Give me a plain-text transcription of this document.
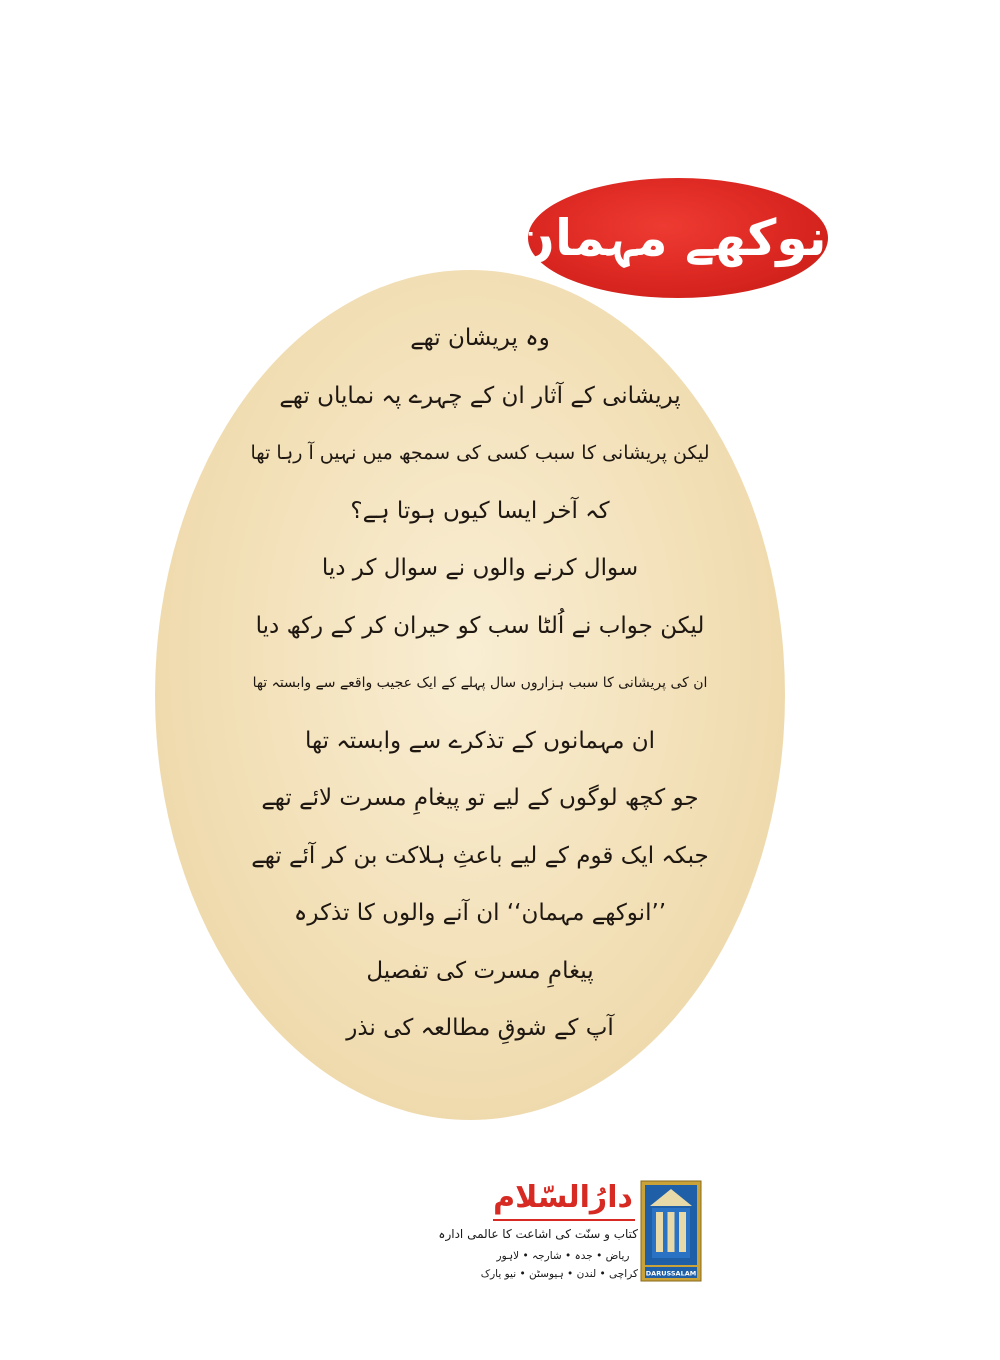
انوکھے مہمان
وہ پریشان تھے
پریشانی کے آثار ان کے چہرے پہ نمایاں تھے
لیکن پریشانی کا سبب کسی کی سمجھ میں نہیں آ رہا تھا
کہ آخر ایسا کیوں ہوتا ہے؟
سوال کرنے والوں نے سوال کر دیا
لیکن جواب نے اُلٹا سب کو حیران کر کے رکھ دیا
ان کی پریشانی کا سبب ہزاروں سال پہلے کے ایک عجیب واقعے سے وابستہ تھا
ان مہمانوں کے تذکرے سے وابستہ تھا
جو کچھ لوگوں کے لیے تو پیغامِ مسرت لائے تھے
جبکہ ایک قوم کے لیے باعثِ ہلاکت بن کر آئے تھے
’’انوکھے مہمان‘‘ ان آنے والوں کا تذکرہ
پیغامِ مسرت کی تفصیل
آپ کے شوقِ مطالعہ کی نذر
دارُالسّلام
کتاب و سنّت کی اشاعت کا عالمی ادارہ
ریاض • جدہ • شارجہ • لاہور
کراچی • لندن • ہیوسٹن • نیو یارک DARUSSALAM
